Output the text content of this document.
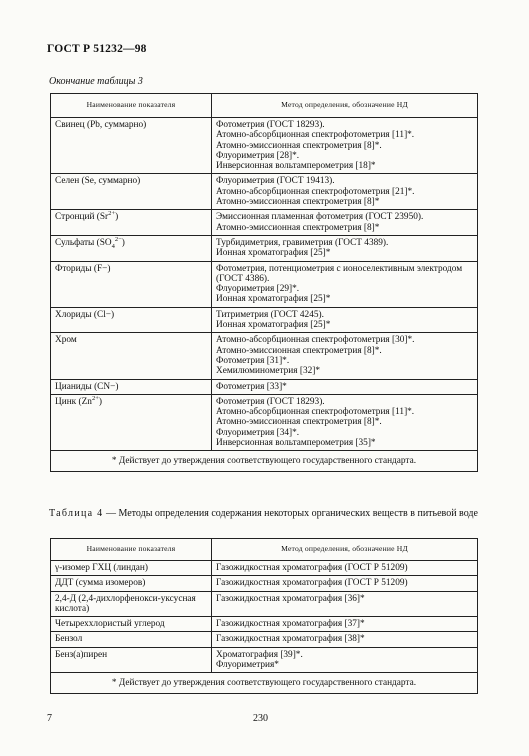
ГОСТ Р 51232—98
Окончание таблицы 3
Наименование показателя	Метод определения, обозначение НД
Свинец (Pb, суммарно)	Фотометрия (ГОСТ 18293).
Атомно-абсорбционная спектрофотометрия [11]*.
Атомно-эмиссионная спектрометрия [8]*.
Флуориметрия [28]*.
Инверсионная вольтамперометрия [18]*

Селен (Se, суммарно)	Флуориметрия (ГОСТ 19413).
Атомно-абсорбционная спектрофотометрия [21]*.
Атомно-эмиссионная спектрометрия [8]*

Стронций $(Sr^{2+})$	Эмиссионная пламенная фотометрия (ГОСТ 23950).
Атомно-эмиссионная спектрометрия [8]*

Сульфаты $(SO_4^{2-})$	Турбидиметрия, гравиметрия (ГОСТ 4389).
Ионная хроматография [25]*

Фториды (F−)	Фотометрия, потенциометрия с ионоселективным электродом (ГОСТ 4386).
Флуориметрия [29]*.
Ионная хроматография [25]*

Хлориды (Cl−)	Титриметрия (ГОСТ 4245).
Ионная хроматография [25]*

Хром	Атомно-абсорбционная спектрофотометрия [30]*.
Атомно-эмиссионная спектрометрия [8]*.
Фотометрия [31]*.
Хемилюминометрия [32]*

Цианиды (CN−)	Фотометрия [33]*

Цинк $(Zn^{2+})$	Фотометрия (ГОСТ 18293).
Атомно-абсорбционная спектрофотометрия [11]*.
Атомно-эмиссионная спектрометрия [8]*.
Флуориметрия [34]*.
Инверсионная вольтамперометрия [35]*

* Действует до утверждения соответствующего государственного стандарта.	
Таблица 4 — Методы определения содержания некоторых органических веществ в питьевой воде
Наименование показателя	Метод определения, обозначение НД
γ-изомер ГХЦ (линдан)	Газожидкостная хроматография (ГОСТ Р 51209)

ДДТ (сумма изомеров)	Газожидкостная хроматография (ГОСТ Р 51209)

2,4-Д (2,4-дихлорфенокси-уксусная кислота)	Газожидкостная хроматография [36]*

Четыреххлористый углерод	Газожидкостная хроматография [37]*

Бензол	Газожидкостная хроматография [38]*

Бенз(а)пирен	Хроматография [39]*.
Флуориметрия*

* Действует до утверждения соответствующего государственного стандарта.	
7	230
